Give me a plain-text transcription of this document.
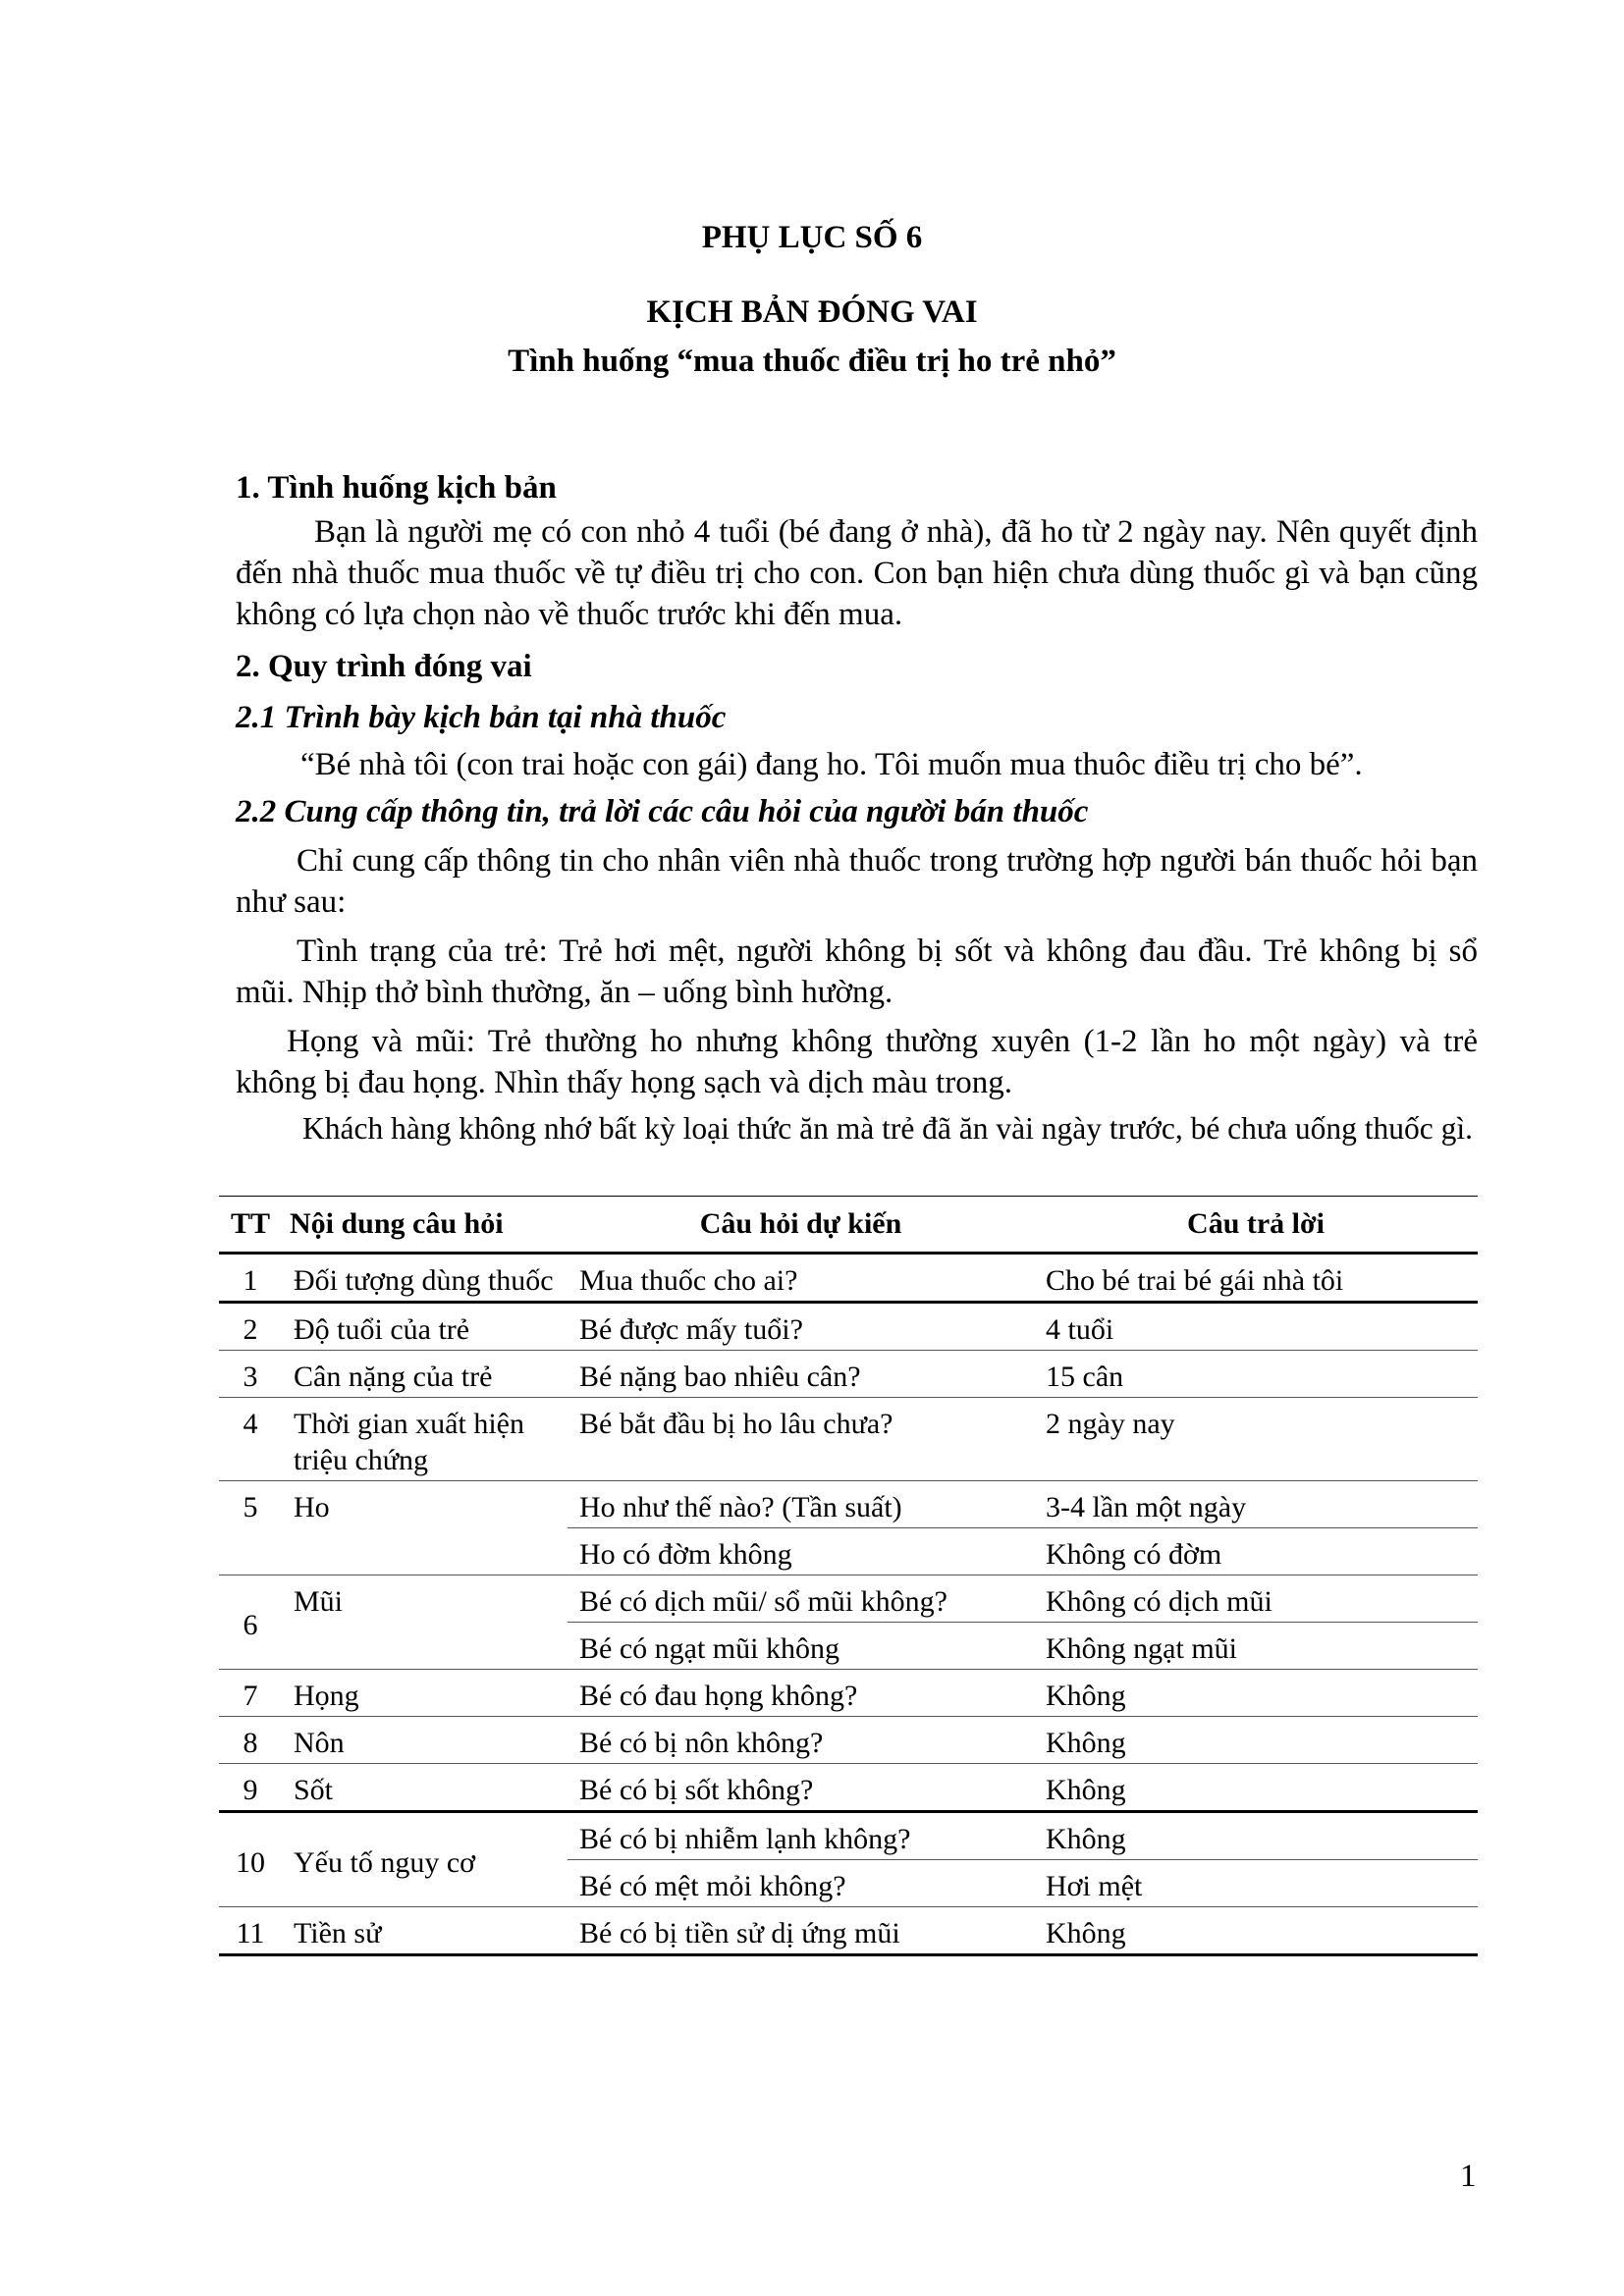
PHỤ LỤC SỐ 6
KỊCH BẢN ĐÓNG VAI
Tình huống “mua thuốc điều trị ho trẻ nhỏ”
1. Tình huống kịch bản
Bạn là người mẹ có con nhỏ 4 tuổi (bé đang ở nhà), đã ho từ 2 ngày nay. Nên quyết định đến nhà thuốc mua thuốc về tự điều trị cho con. Con bạn hiện chưa dùng thuốc gì và bạn cũng không có lựa chọn nào về thuốc trước khi đến mua.
2. Quy trình đóng vai
2.1 Trình bày kịch bản tại nhà thuốc
“Bé nhà tôi (con trai hoặc con gái) đang ho. Tôi muốn mua thuôc điều trị cho bé”.
2.2 Cung cấp thông tin, trả lời các câu hỏi của người bán thuốc
Chỉ cung cấp thông tin cho nhân viên nhà thuốc trong trường hợp người bán thuốc hỏi bạn như sau:
Tình trạng của trẻ: Trẻ hơi mệt, người không bị sốt và không đau đầu. Trẻ không bị sổ mũi. Nhịp thở bình thường, ăn – uống bình hường.
Họng và mũi: Trẻ thường ho nhưng không thường xuyên (1-2 lần ho một ngày) và trẻ không bị đau họng. Nhìn thấy họng sạch và dịch màu trong.
Khách hàng không nhớ bất kỳ loại thức ăn mà trẻ đã ăn vài ngày trước, bé chưa uống thuốc gì.
TT	Nội dung câu hỏi	Câu hỏi dự kiến	Câu trả lời
1	Đối tượng dùng thuốc	Mua thuốc cho ai?	Cho bé trai bé gái nhà tôi
2	Độ tuổi của trẻ	Bé được mấy tuổi?	4 tuổi
3	Cân nặng của trẻ	Bé nặng bao nhiêu cân?	15 cân
4	Thời gian xuất hiện triệu chứng	Bé bắt đầu bị ho lâu chưa?	2 ngày nay
5	Ho	Ho như thế nào? (Tần suất)	3-4 lần một ngày
		Ho có đờm không	Không có đờm
6	Mũi	Bé có dịch mũi/ sổ mũi không?	Không có dịch mũi
		Bé có ngạt mũi không	Không ngạt mũi
7	Họng	Bé có đau họng không?	Không
8	Nôn	Bé có bị nôn không?	Không
9	Sốt	Bé có bị sốt không?	Không
10	Yếu tố nguy cơ	Bé có bị nhiễm lạnh không?	Không
		Bé có mệt mỏi không?	Hơi mệt
11	Tiền sử	Bé có bị tiền sử dị ứng mũi	Không
1
